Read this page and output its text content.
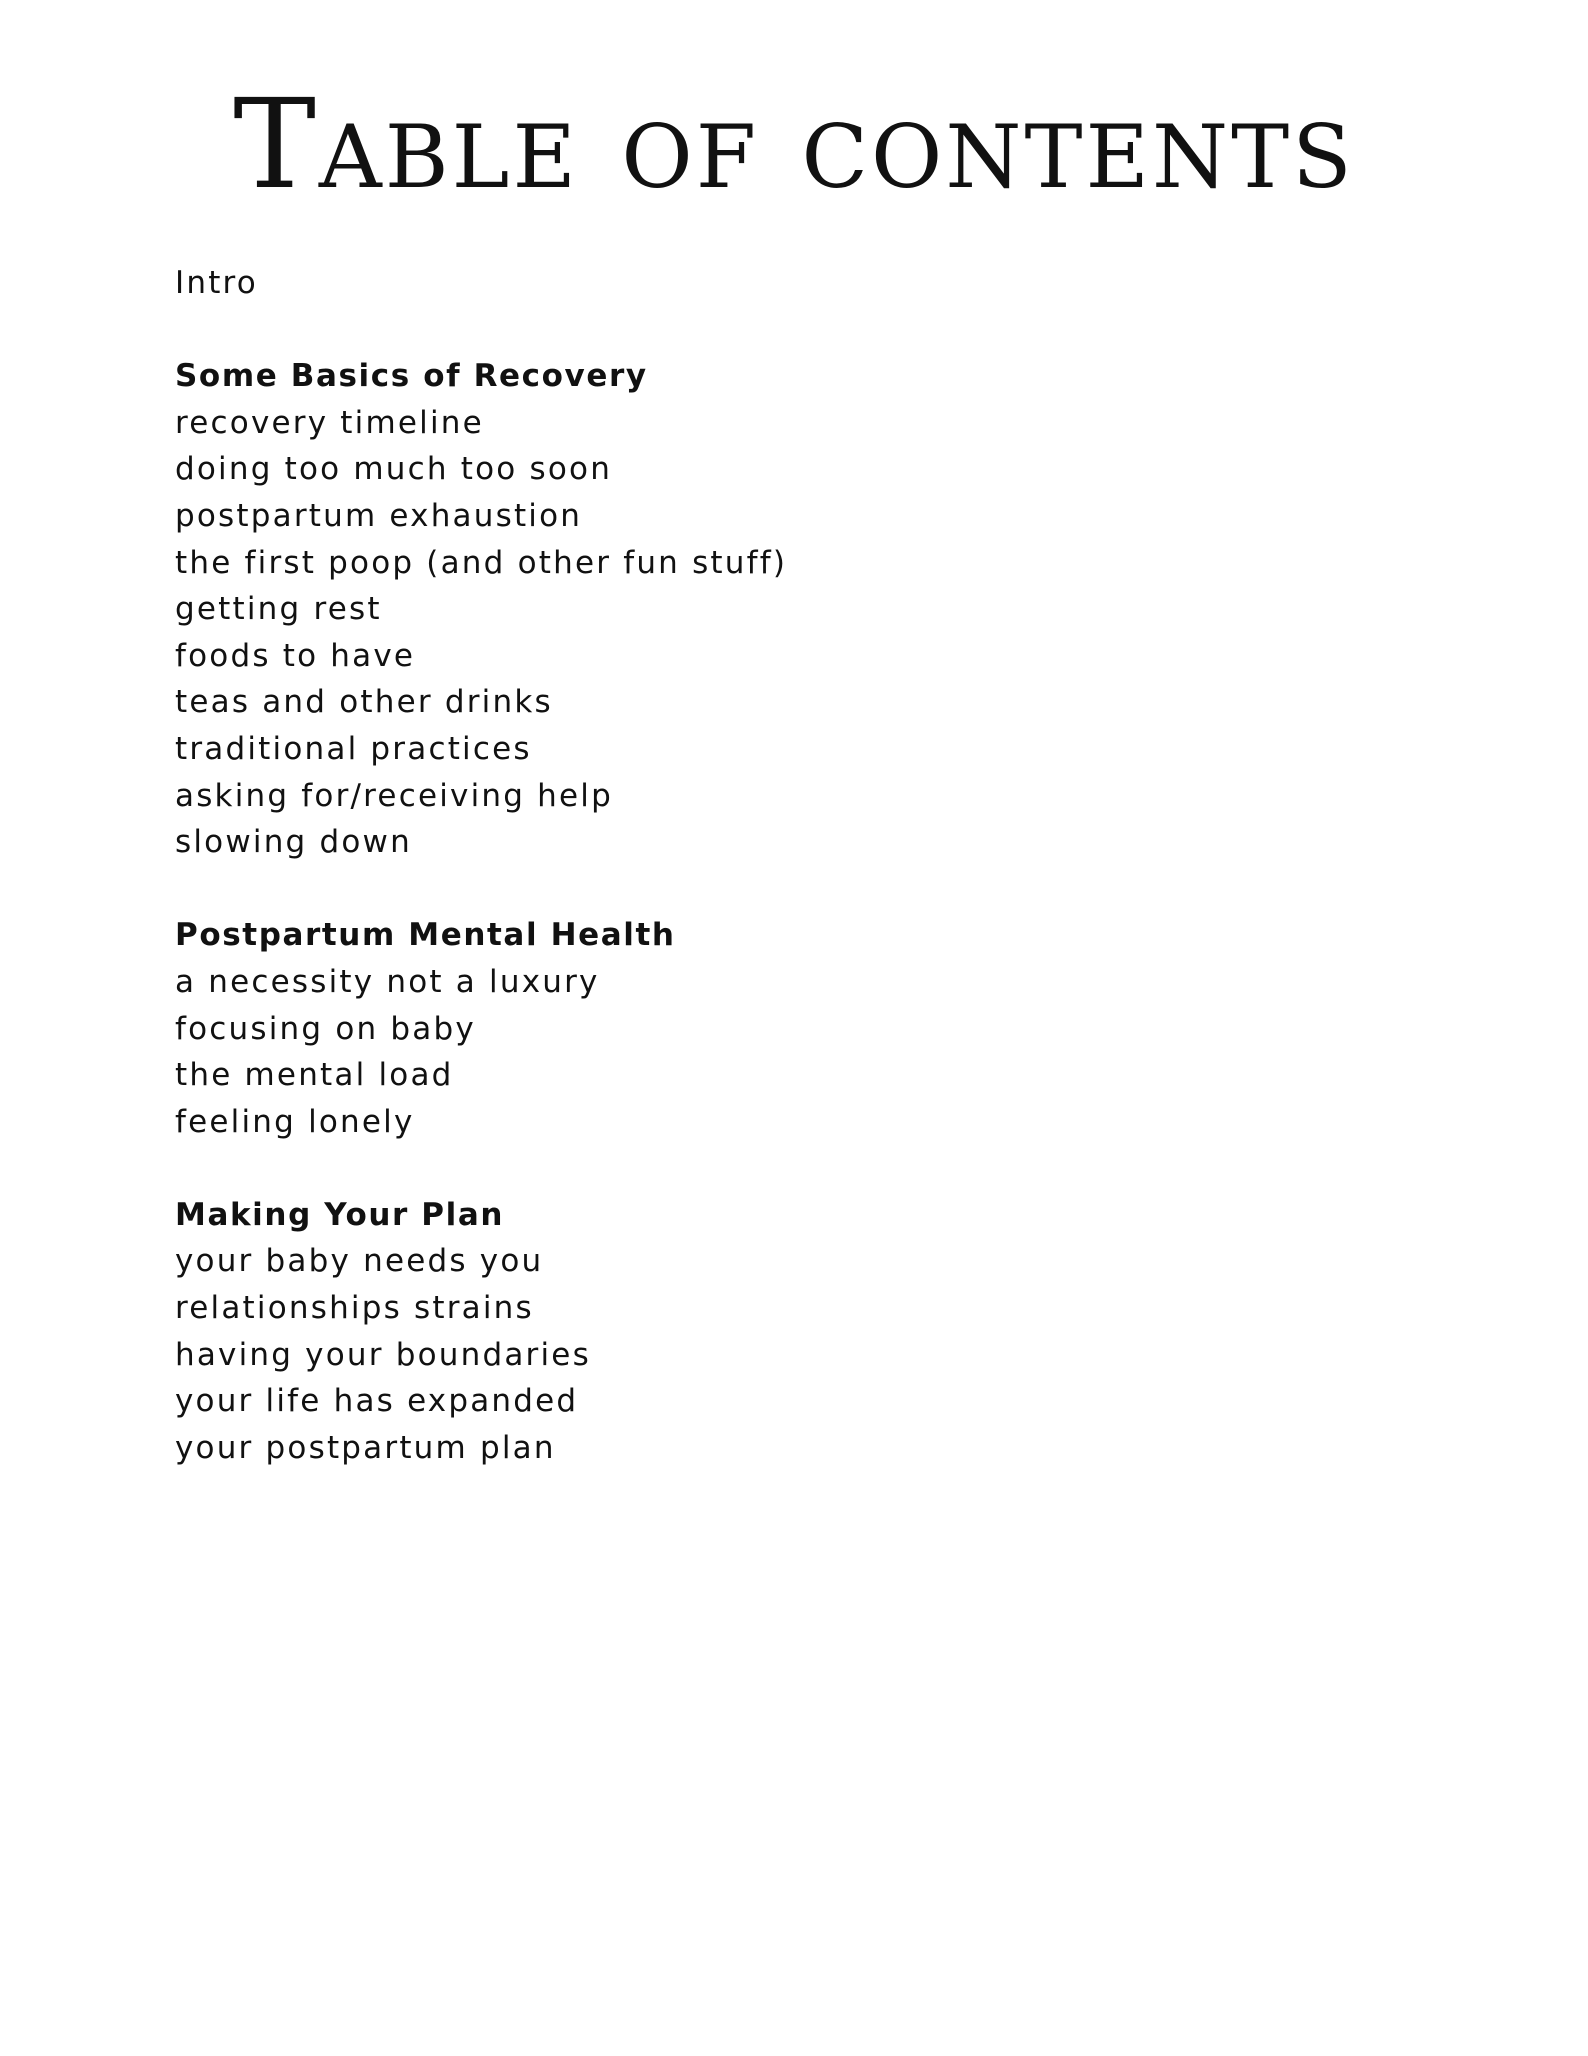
Table of contents
Intro
Some Basics of Recovery
recovery timeline
doing too much too soon
postpartum exhaustion
the first poop (and other fun stuff)
getting rest
foods to have
teas and other drinks
traditional practices
asking for/receiving help
slowing down
Postpartum Mental Health
a necessity not a luxury
focusing on baby
the mental load
feeling lonely
Making Your Plan
your baby needs you
relationships strains
having your boundaries
your life has expanded
your postpartum plan
